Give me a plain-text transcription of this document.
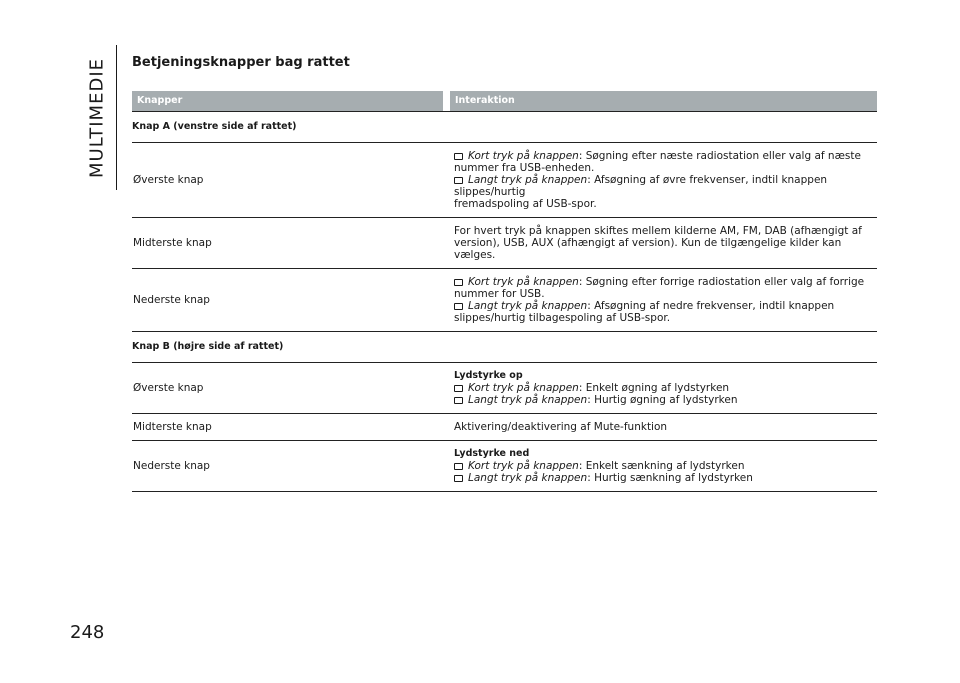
MULTIMEDIE Betjeningsknapper bag rattet
Knapper	Interaktion
Knap A (venstre side af rattet)
Øverste knap
Kort tryk på knappen: Søgning efter næste radiostation eller valg af næste
nummer fra USB-enheden.
Langt tryk på knappen: Afsøgning af øvre frekvenser, indtil knappen slippes/hurtig
fremadspoling af USB-spor.
Midterste knap
For hvert tryk på knappen skiftes mellem kilderne AM, FM, DAB (afhængigt af
version), USB, AUX (afhængigt af version). Kun de tilgængelige kilder kan vælges.
Nederste knap
Kort tryk på knappen: Søgning efter forrige radiostation eller valg af forrige
nummer for USB.
Langt tryk på knappen: Afsøgning af nedre frekvenser, indtil knappen
slippes/hurtig tilbagespoling af USB-spor.
Knap B (højre side af rattet)
Øverste knap
Lydstyrke op
Kort tryk på knappen: Enkelt øgning af lydstyrken
Langt tryk på knappen: Hurtig øgning af lydstyrken
Midterste knap	Aktivering/deaktivering af Mute-funktion
Nederste knap
Lydstyrke ned
Kort tryk på knappen: Enkelt sænkning af lydstyrken
Langt tryk på knappen: Hurtig sænkning af lydstyrken
248
